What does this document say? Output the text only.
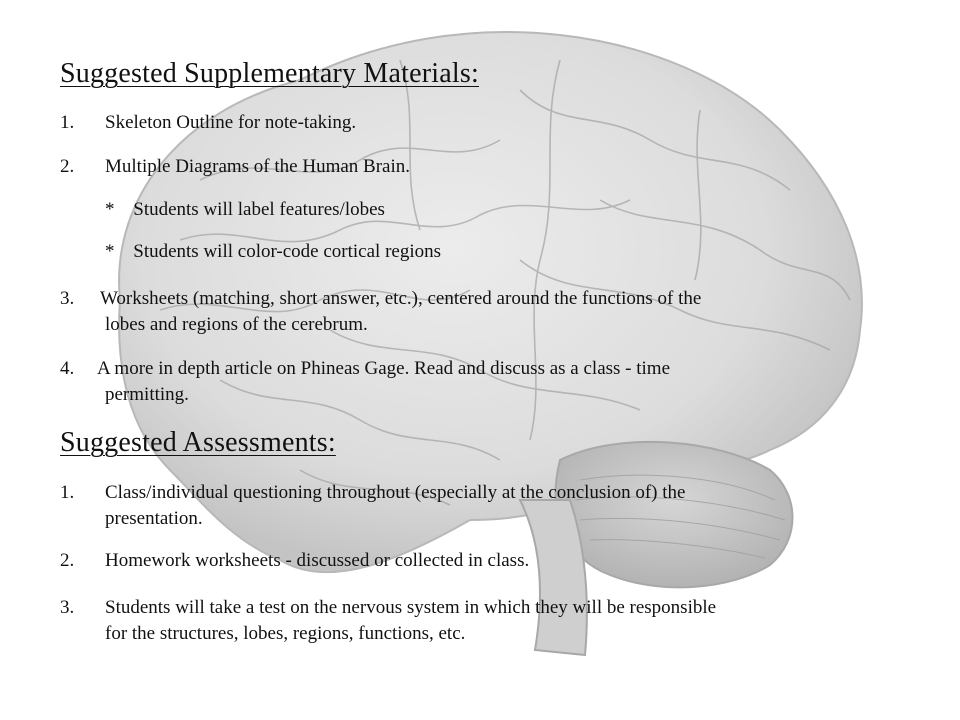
Suggested Supplementary Materials:
1. Skeleton Outline for note-taking.
2. Multiple Diagrams of the Human Brain.
* Students will label features/lobes
* Students will color-code cortical regions
3. Worksheets (matching, short answer, etc.), centered around the functions of the
lobes and regions of the cerebrum.
4. A more in depth article on Phineas Gage. Read and discuss as a class - time
permitting.
Suggested Assessments:
1. Class/individual questioning throughout (especially at the conclusion of) the
presentation.
2. Homework worksheets - discussed or collected in class.
3. Students will take a test on the nervous system in which they will be responsible
for the structures, lobes, regions, functions, etc.
